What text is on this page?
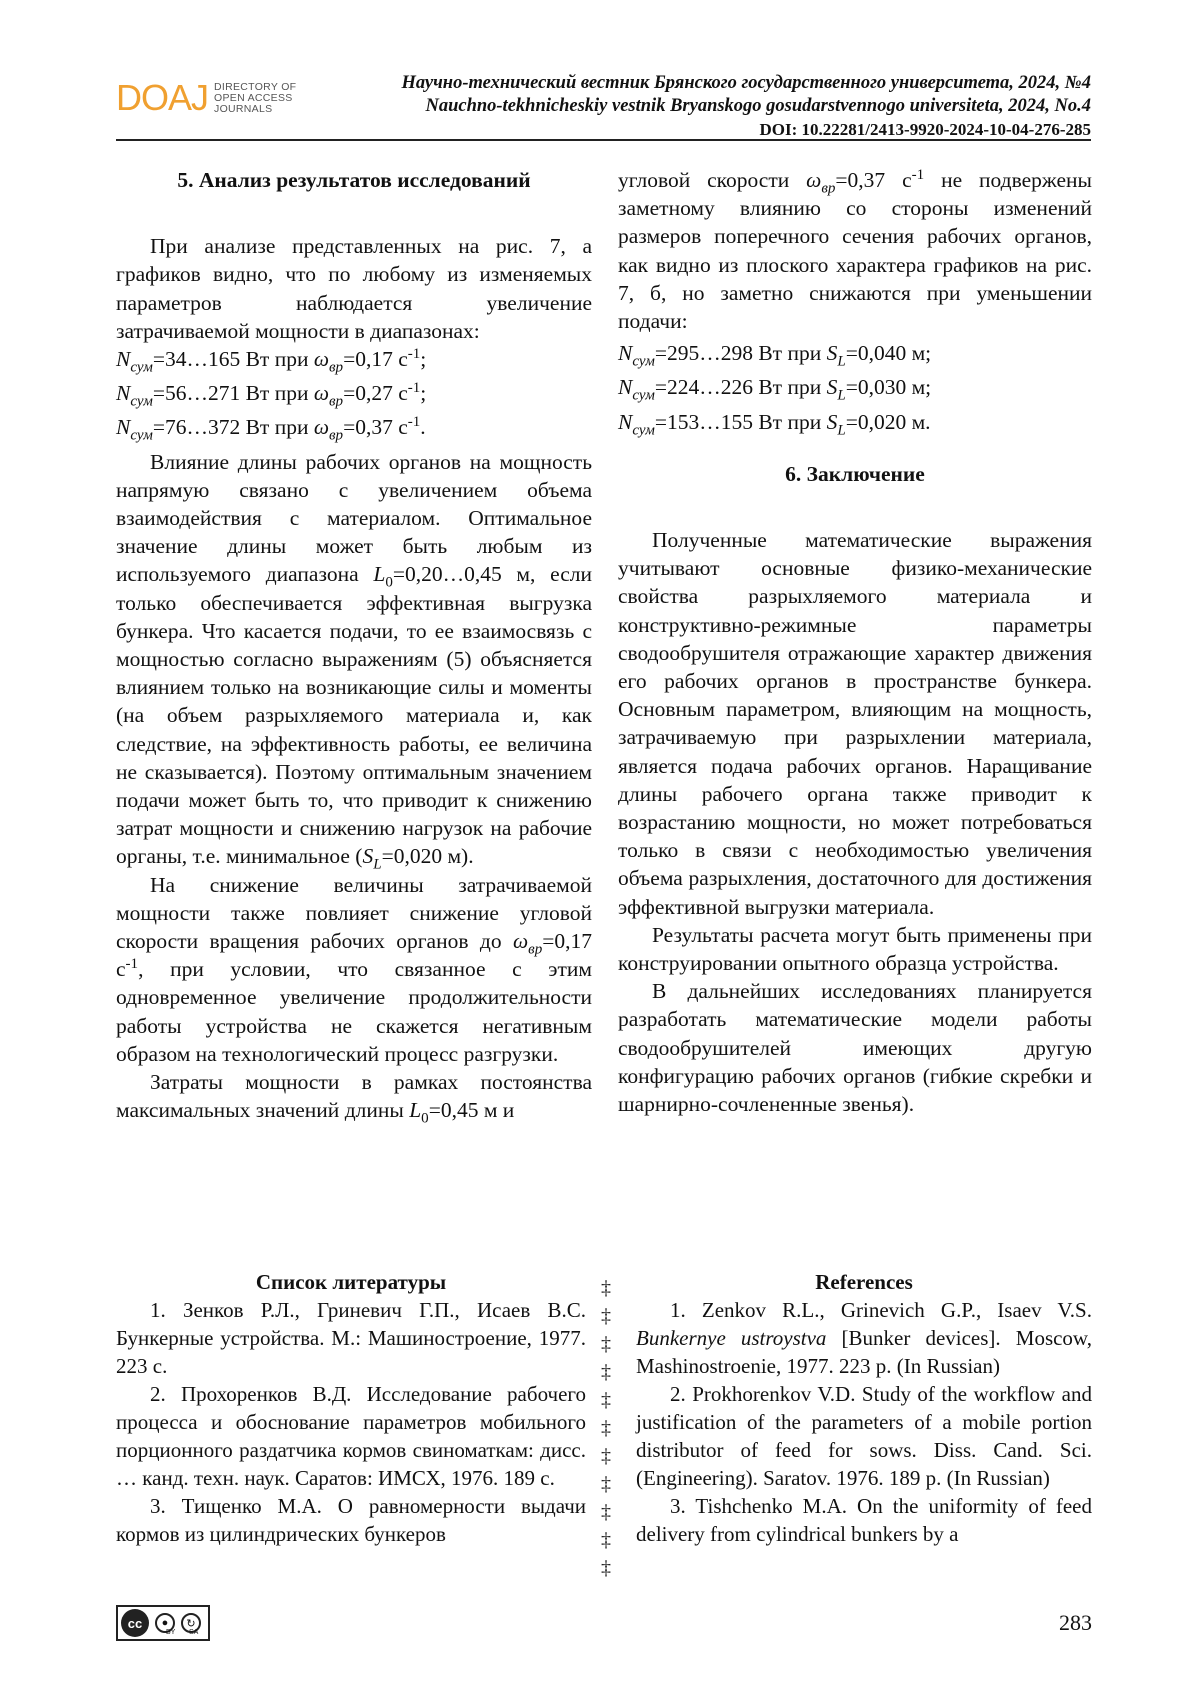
DOAJ DIRECTORY OF
OPEN ACCESS
JOURNALS
Научно-технический вестник Брянского государственного университета, 2024, №4
Nauchno-tekhnicheskiy vestnik Bryanskogo gosudarstvennogo universiteta, 2024, No.4
DOI: 10.22281/2413-9920-2024-10-04-276-285

5. Анализ результатов исследований

При анализе представленных на рис. 7, а графиков видно, что по любому из изменяемых параметров наблюдается увеличение затрачиваемой мощности в диапазонах:

$N_{сум}=34\dots 165$ Вт при $\omega_{вр}=0,17$ $с^{-1}$;

$N_{сум}=56\dots 271$ Вт при $\omega_{вр}=0,27$ $с^{-1}$;

$N_{сум}=76\dots 372$ Вт при $\omega_{вр}=0,37$ $с^{-1}$.

Влияние длины рабочих органов на мощность напрямую связано с увеличением объема взаимодействия с материалом. Оптимальное значение длины может быть любым из используемого диапазона $L_0=0,20\dots 0,45$ м, если только обеспечивается эффективная выгрузка бункера. Что касается подачи, то ее взаимосвязь с мощностью согласно выражениям (5) объясняется влиянием только на возникающие силы и моменты (на объем разрыхляемого материала и, как следствие, на эффективность работы, ее величина не сказывается). Поэтому оптимальным значением подачи может быть то, что приводит к снижению затрат мощности и снижению нагрузок на рабочие органы, т.е. минимальное ($S_L=0,020$ м).

На снижение величины затрачиваемой мощности также повлияет снижение угловой скорости вращения рабочих органов до $\omega_{вр}=0,17$ $с^{-1}$, при условии, что связанное с этим одновременное увеличение продолжительности работы устройства не скажется негативным образом на технологический процесс разгрузки.

Затраты мощности в рамках постоянства максимальных значений длины $L_0=0,45$ м и

угловой скорости $\omega_{вр}=0,37$ $с^{-1}$ не подвержены заметному влиянию со стороны изменений размеров поперечного сечения рабочих органов, как видно из плоского характера графиков на рис. 7, б, но заметно снижаются при уменьшении подачи:

$N_{сум}=295\dots 298$ Вт при $S_L=0,040$ м;

$N_{сум}=224\dots 226$ Вт при $S_L=0,030$ м;

$N_{сум}=153\dots 155$ Вт при $S_L=0,020$ м.

6. Заключение

Полученные математические выражения учитывают основные физико-механические свойства разрыхляемого материала и конструктивно-режимные параметры сводообрушителя отражающие характер движения его рабочих органов в пространстве бункера. Основным параметром, влияющим на мощность, затрачиваемую при разрыхлении материала, является подача рабочих органов. Наращивание длины рабочего органа также приводит к возрастанию мощности, но может потребоваться только в связи с необходимостью увеличения объема разрыхления, достаточного для достижения эффективной выгрузки материала.

Результаты расчета могут быть применены при конструировании опытного образца устройства.

В дальнейших исследованиях планируется разработать математические модели работы сводообрушителей имеющих другую конфигурацию рабочих органов (гибкие скребки и шарнирно-сочлененные звенья).

Список литературы

1. Зенков Р.Л., Гриневич Г.П., Исаев В.С. Бункерные устройства. М.: Машиностроение, 1977. 223 с.

2. Прохоренков В.Д. Исследование рабочего процесса и обоснование параметров мобильного порционного раздатчика кормов свиноматкам: дисс. … канд. техн. наук. Саратов: ИМСХ, 1976. 189 с.

3. Тищенко М.А. О равномерности выдачи кормов из цилиндрических бункеров

‡
‡
‡
‡
‡
‡
‡
‡
‡
‡
‡

References

1. Zenkov R.L., Grinevich G.P., Isaev V.S. Bunkernye ustroystva [Bunker devices]. Moscow, Mashinostroenie, 1977. 223 p. (In Russian)

2. Prokhorenkov V.D. Study of the workflow and justification of the parameters of a mobile portion distributor of feed for sows. Diss. Cand. Sci. (Engineering). Saratov. 1976. 189 p. (In Russian)

3. Tishchenko M.A. On the uniformity of feed delivery from cylindrical bunkers by a

cc	●	↻
BY SA	283
